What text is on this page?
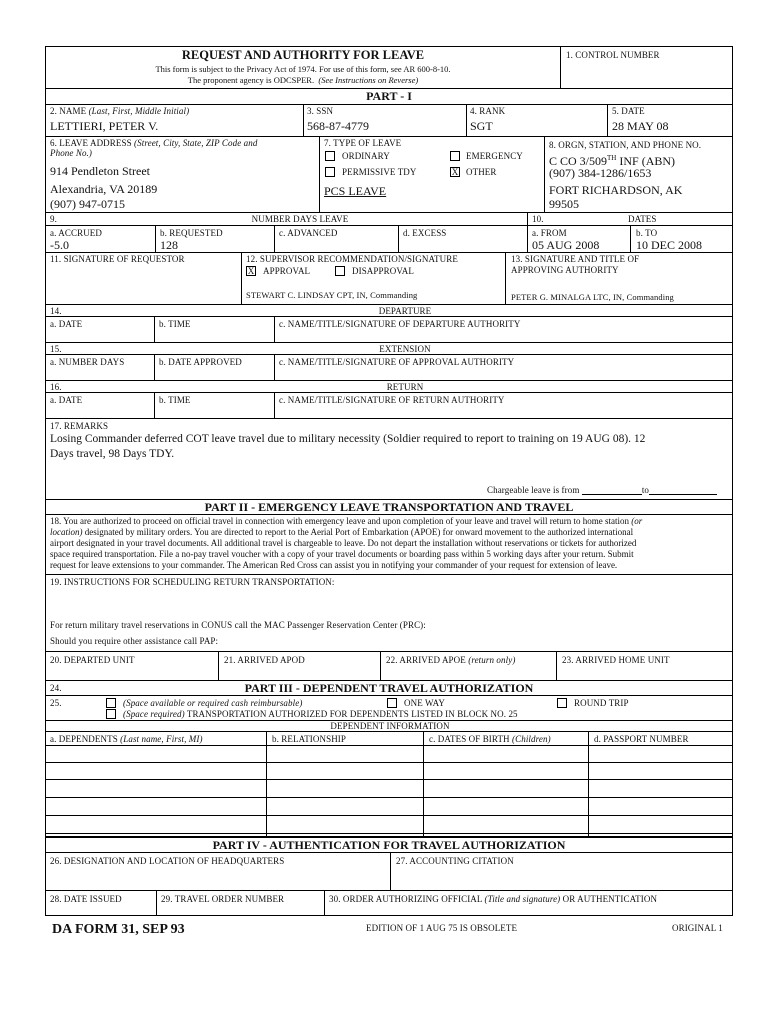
REQUEST AND AUTHORITY FOR LEAVE
This form is subject to the Privacy Act of 1974. For use of this form, see AR 600-8-10.
The proponent agency is ODCSPER. (See Instructions on Reverse)
1. CONTROL NUMBER
PART - I
2. NAME (Last, First, Middle Initial)
LETTIERI, PETER V.
3. SSN
568-87-4779
4. RANK
SGT
5. DATE
28 MAY 08
6. LEAVE ADDRESS (Street, City, State, ZIP Code and
Phone No.)
914 Pendleton Street
Alexandria, VA 20189
(907) 947-0715
7. TYPE OF LEAVE
ORDINARY	EMERGENCY
PERMISSIVE TDY	X OTHER
PCS LEAVE
8. ORGN, STATION, AND PHONE NO.
C CO 3/509TH INF (ABN)
(907) 384-1286/1653
FORT RICHARDSON, AK
99505
9.	NUMBER DAYS LEAVE	10.	DATES
a. ACCRUED
-5.0
b. REQUESTED
128
c. ADVANCED	d. EXCESS	a. FROM
05 AUG 2008
b. TO
10 DEC 2008
11. SIGNATURE OF REQUESTOR	12. SUPERVISOR RECOMMENDATION/SIGNATURE
X APPROVAL	DISAPPROVAL
STEWART C. LINDSAY CPT, IN, Commanding
13. SIGNATURE AND TITLE OF
APPROVING AUTHORITY
PETER G. MINALGA LTC, IN, Commanding
14.	DEPARTURE
a. DATE	b. TIME	c. NAME/TITLE/SIGNATURE OF DEPARTURE AUTHORITY
15.	EXTENSION
a. NUMBER DAYS	b. DATE APPROVED	c. NAME/TITLE/SIGNATURE OF APPROVAL AUTHORITY
16.	RETURN
a. DATE	b. TIME	c. NAME/TITLE/SIGNATURE OF RETURN AUTHORITY
17. REMARKS
Losing Commander deferred COT leave travel due to military necessity (Soldier required to report to training on 19 AUG 08). 12
Days travel, 98 Days TDY.
Chargeable leave is from	to
PART II - EMERGENCY LEAVE TRANSPORTATION AND TRAVEL
18. You are authorized to proceed on official travel in connection with emergency leave and upon completion of your leave and travel will return to home station (or
location) designated by military orders. You are directed to report to the Aerial Port of Embarkation (APOE) for onward movement to the authorized international
airport designated in your travel documents. All additional travel is chargeable to leave. Do not depart the installation without reservations or tickets for authorized
space required transportation. File a no-pay travel voucher with a copy of your travel documents or boarding pass within 5 working days after your return. Submit
request for leave extensions to your commander. The American Red Cross can assist you in notifying your commander of your request for extension of leave.
19. INSTRUCTIONS FOR SCHEDULING RETURN TRANSPORTATION:
For return military travel reservations in CONUS call the MAC Passenger Reservation Center (PRC):
Should you require other assistance call PAP:
20. DEPARTED UNIT	21. ARRIVED APOD	22. ARRIVED APOE (return only)	23. ARRIVED HOME UNIT
24.	PART III - DEPENDENT TRAVEL AUTHORIZATION
25.	(Space available or required cash reimbursable)
(Space required) TRANSPORTATION AUTHORIZED FOR DEPENDENTS LISTED IN BLOCK NO. 25
ONE WAY	ROUND TRIP
DEPENDENT INFORMATION
a. DEPENDENTS (Last name, First, MI)	b. RELATIONSHIP	c. DATES OF BIRTH (Children)	d. PASSPORT NUMBER
PART IV - AUTHENTICATION FOR TRAVEL AUTHORIZATION
26. DESIGNATION AND LOCATION OF HEADQUARTERS	27. ACCOUNTING CITATION
28. DATE ISSUED	29. TRAVEL ORDER NUMBER	30. ORDER AUTHORIZING OFFICIAL (Title and signature) OR AUTHENTICATION
DA FORM 31, SEP 93	EDITION OF 1 AUG 75 IS OBSOLETE	ORIGINAL 1
